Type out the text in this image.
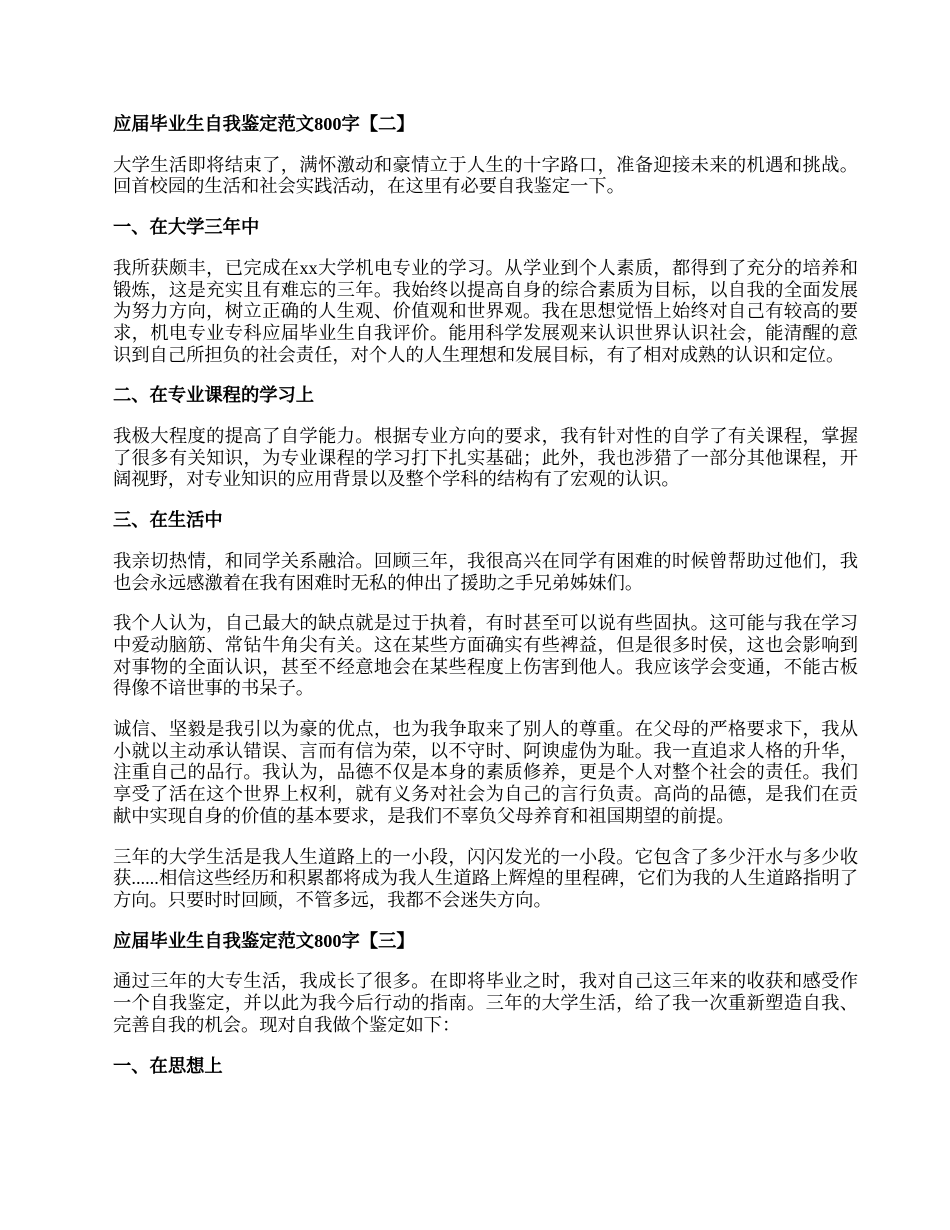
应届毕业生自我鉴定范文800字【二】

大学生活即将结束了，满怀激动和豪情立于人生的十字路口，准备迎接未来的机遇和挑战。回首校园的生活和社会实践活动，在这里有必要自我鉴定一下。

一、在大学三年中

我所获颇丰，已完成在xx大学机电专业的学习。从学业到个人素质，都得到了充分的培养和锻炼，这是充实且有难忘的三年。我始终以提高自身的综合素质为目标，以自我的全面发展为努力方向，树立正确的人生观、价值观和世界观。我在思想觉悟上始终对自己有较高的要求，机电专业专科应届毕业生自我评价。能用科学发展观来认识世界认识社会，能清醒的意识到自己所担负的社会责任，对个人的人生理想和发展目标，有了相对成熟的认识和定位。

二、在专业课程的学习上

我极大程度的提高了自学能力。根据专业方向的要求，我有针对性的自学了有关课程，掌握了很多有关知识，为专业课程的学习打下扎实基础；此外，我也涉猎了一部分其他课程，开阔视野，对专业知识的应用背景以及整个学科的结构有了宏观的认识。

三、在生活中

我亲切热情，和同学关系融洽。回顾三年，我很高兴在同学有困难的时候曾帮助过他们，我也会永远感激着在我有困难时无私的伸出了援助之手兄弟姊妹们。

我个人认为，自己最大的缺点就是过于执着，有时甚至可以说有些固执。这可能与我在学习中爱动脑筋、常钻牛角尖有关。这在某些方面确实有些裨益，但是很多时侯，这也会影响到对事物的全面认识，甚至不经意地会在某些程度上伤害到他人。我应该学会变通，不能古板得像不谙世事的书呆子。

诚信、坚毅是我引以为豪的优点，也为我争取来了别人的尊重。在父母的严格要求下，我从小就以主动承认错误、言而有信为荣，以不守时、阿谀虚伪为耻。我一直追求人格的升华，注重自己的品行。我认为，品德不仅是本身的素质修养，更是个人对整个社会的责任。我们享受了活在这个世界上权利，就有义务对社会为自己的言行负责。高尚的品德，是我们在贡献中实现自身的价值的基本要求，是我们不辜负父母养育和祖国期望的前提。

三年的大学生活是我人生道路上的一小段，闪闪发光的一小段。它包含了多少汗水与多少收获......相信这些经历和积累都将成为我人生道路上辉煌的里程碑，它们为我的人生道路指明了方向。只要时时回顾，不管多远，我都不会迷失方向。

应届毕业生自我鉴定范文800字【三】

通过三年的大专生活，我成长了很多。在即将毕业之时，我对自己这三年来的收获和感受作一个自我鉴定，并以此为我今后行动的指南。三年的大学生活，给了我一次重新塑造自我、完善自我的机会。现对自我做个鉴定如下：

一、在思想上
